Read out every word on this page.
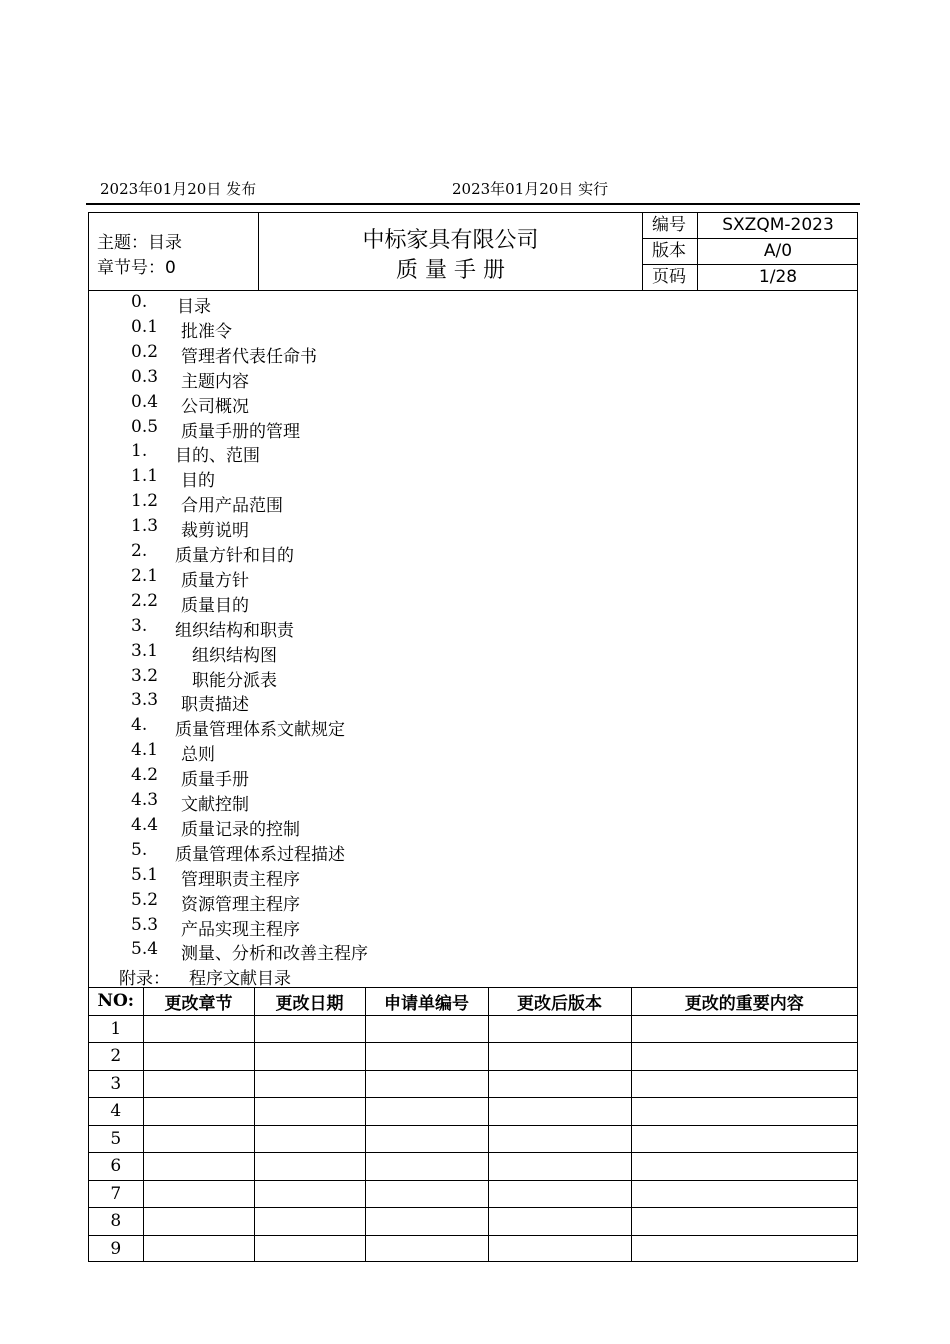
2023年01月20日 发布	2023年01月20日 实行
主题：目录
章节号：0
中标家具有限公司
质 量 手 册
编号	SXZQM-2023
版本	A/0
页码	1/28
0. 目录
0.1 批准令
0.2 管理者代表任命书
0.3 主题内容
0.4 公司概况
0.5 质量手册的管理
1. 目的、范围
1.1 目的
1.2 合用产品范围
1.3 裁剪说明
2. 质量方针和目的
2.1 质量方针
2.2 质量目的
3. 组织结构和职责
3.1 组织结构图
3.2 职能分派表
3.3 职责描述
4. 质量管理体系文献规定
4.1 总则
4.2 质量手册
4.3 文献控制
4.4 质量记录的控制
5. 质量管理体系过程描述
5.1 管理职责主程序
5.2 资源管理主程序
5.3 产品实现主程序
5.4 测量、分析和改善主程序
附录： 程序文献目录
NO:	更改章节	更改日期	申请单编号	更改后版本	更改的重要内容
1					
2					
3					
4					
5					
6					
7					
8					
9					
